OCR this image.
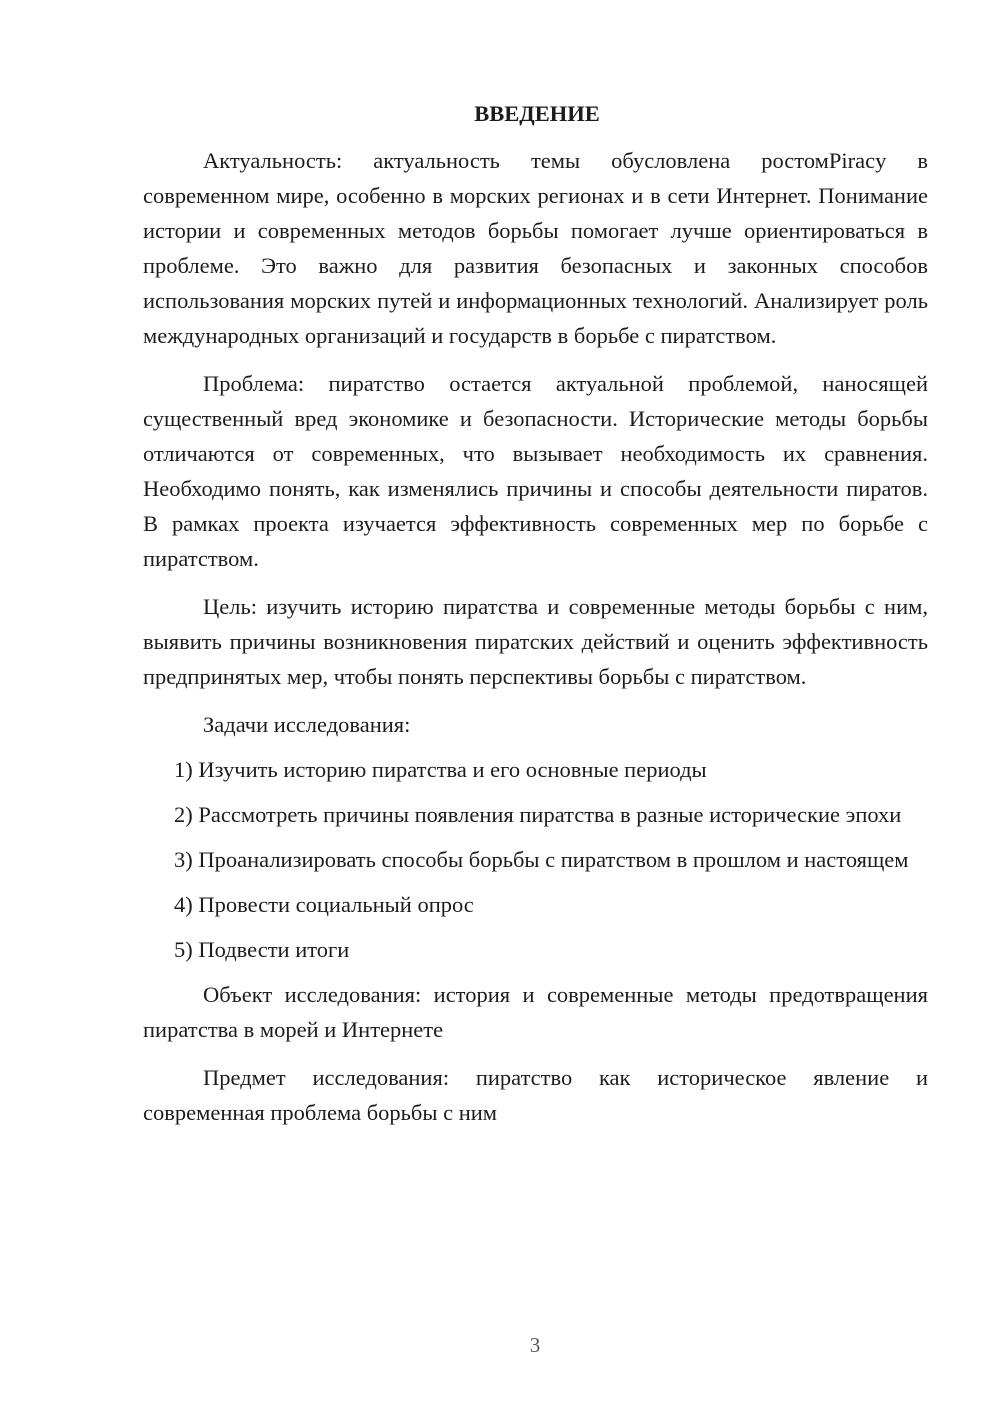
ВВЕДЕНИЕ

Актуальность: актуальность темы обусловлена ростомPiracy в современном мире, особенно в морских регионах и в сети Интернет. Понимание истории и современных методов борьбы помогает лучше ориентироваться в проблеме. Это важно для развития безопасных и законных способов использования морских путей и информационных технологий. Анализирует роль международных организаций и государств в борьбе с пиратством.

Проблема: пиратство остается актуальной проблемой, наносящей существенный вред экономике и безопасности. Исторические методы борьбы отличаются от современных, что вызывает необходимость их сравнения. Необходимо понять, как изменялись причины и способы деятельности пиратов. В рамках проекта изучается эффективность современных мер по борьбе с пиратством.

Цель: изучить историю пиратства и современные методы борьбы с ним, выявить причины возникновения пиратских действий и оценить эффективность предпринятых мер, чтобы понять перспективы борьбы с пиратством.

Задачи исследования:

1) Изучить историю пиратства и его основные периоды

2) Рассмотреть причины появления пиратства в разные исторические эпохи

3) Проанализировать способы борьбы с пиратством в прошлом и настоящем

4) Провести социальный опрос

5) Подвести итоги

Объект исследования: история и современные методы предотвращения пиратства в морей и Интернете

Предмет исследования: пиратство как историческое явление и современная проблема борьбы с ним

3
